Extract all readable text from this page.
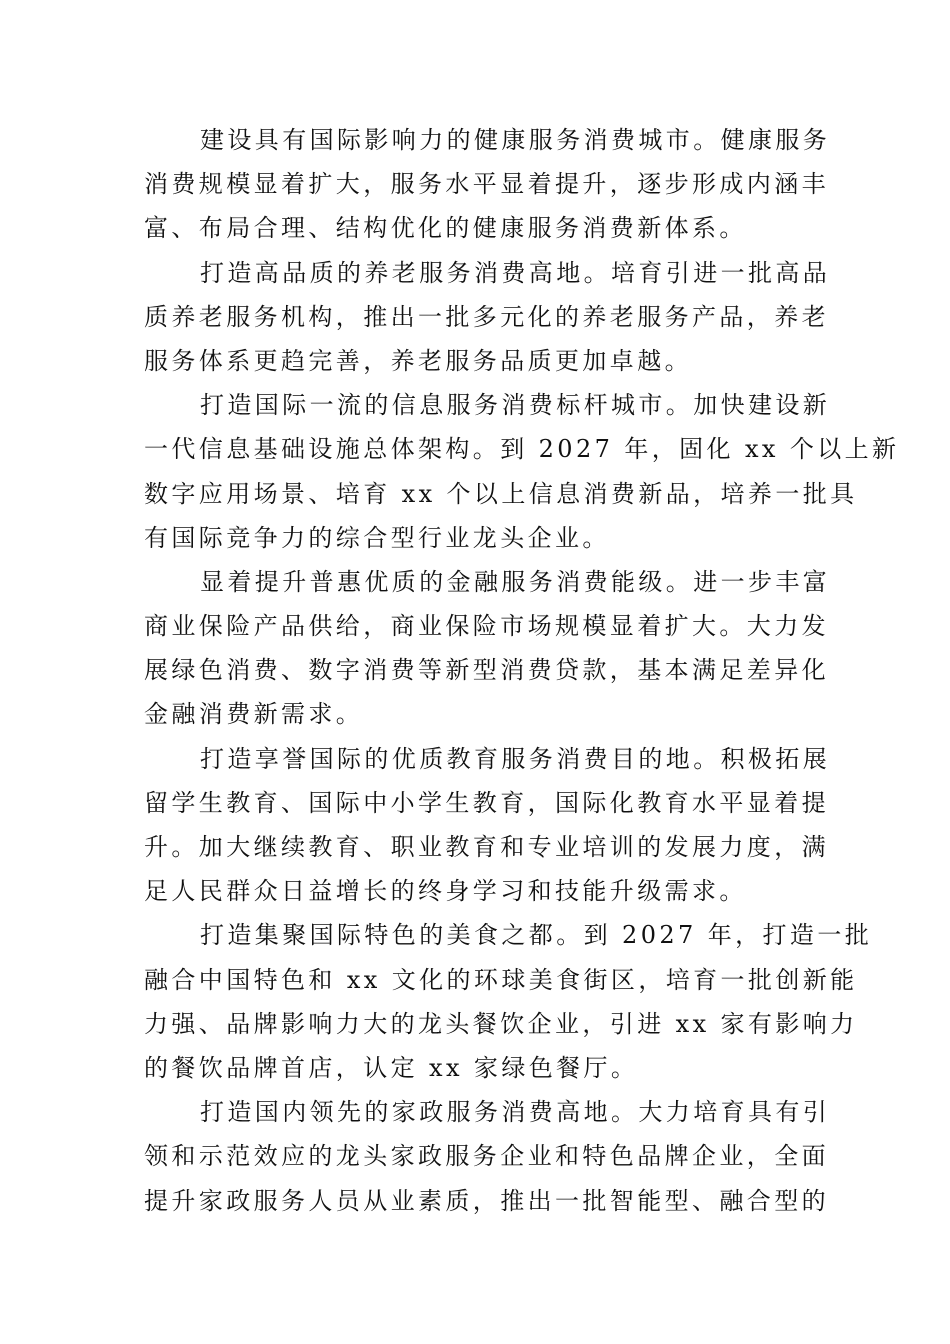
建设具有国际影响力的健康服务消费城市。健康服务
消费规模显着扩大，服务水平显着提升，逐步形成内涵丰
富、布局合理、结构优化的健康服务消费新体系。

打造高品质的养老服务消费高地。培育引进一批高品
质养老服务机构，推出一批多元化的养老服务产品，养老
服务体系更趋完善，养老服务品质更加卓越。

打造国际一流的信息服务消费标杆城市。加快建设新
一代信息基础设施总体架构。到 2027 年，固化 xx 个以上新
数字应用场景、培育 xx 个以上信息消费新品，培养一批具
有国际竞争力的综合型行业龙头企业。

显着提升普惠优质的金融服务消费能级。进一步丰富
商业保险产品供给，商业保险市场规模显着扩大。大力发
展绿色消费、数字消费等新型消费贷款，基本满足差异化
金融消费新需求。

打造享誉国际的优质教育服务消费目的地。积极拓展
留学生教育、国际中小学生教育，国际化教育水平显着提
升。加大继续教育、职业教育和专业培训的发展力度，满
足人民群众日益增长的终身学习和技能升级需求。

打造集聚国际特色的美食之都。到 2027 年，打造一批
融合中国特色和 xx 文化的环球美食街区，培育一批创新能
力强、品牌影响力大的龙头餐饮企业，引进 xx 家有影响力
的餐饮品牌首店，认定 xx 家绿色餐厅。

打造国内领先的家政服务消费高地。大力培育具有引
领和示范效应的龙头家政服务企业和特色品牌企业，全面
提升家政服务人员从业素质，推出一批智能型、融合型的
